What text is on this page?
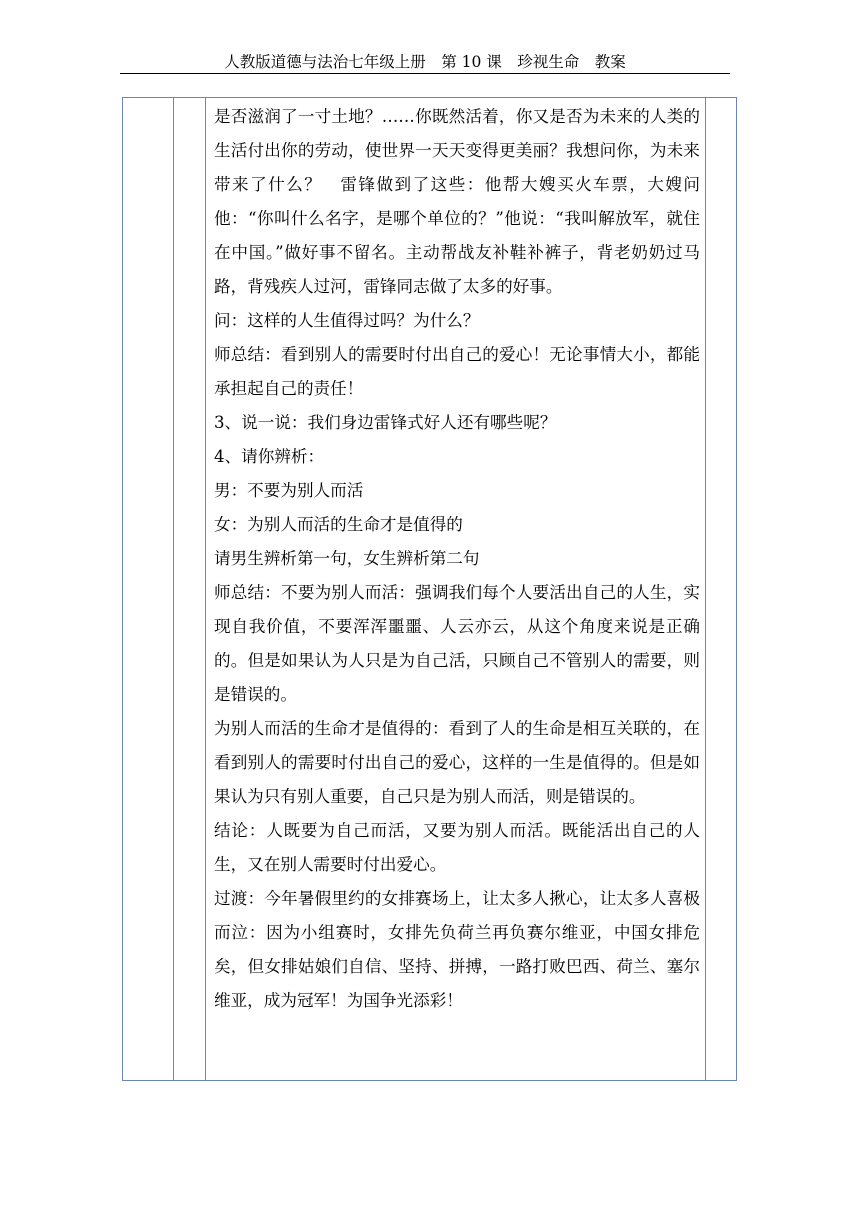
人教版道德与法治七年级上册　第 10 课　珍视生命　教案

是否滋润了一寸土地？……你既然活着，你又是否为未来的人类的生活付出你的劳动，使世界一天天变得更美丽？我想问你，为未来带来了什么？　雷锋做到了这些：他帮大嫂买火车票，大嫂问他：“你叫什么名字，是哪个单位的？”他说：“我叫解放军，就住在中国。”做好事不留名。主动帮战友补鞋补裤子，背老奶奶过马路，背残疾人过河，雷锋同志做了太多的好事。

问：这样的人生值得过吗？为什么？

师总结：看到别人的需要时付出自己的爱心！无论事情大小，都能承担起自己的责任！

3、说一说：我们身边雷锋式好人还有哪些呢？

4、请你辨析：

男：不要为别人而活

女：为别人而活的生命才是值得的

请男生辨析第一句，女生辨析第二句

师总结：不要为别人而活：强调我们每个人要活出自己的人生，实现自我价值，不要浑浑噩噩、人云亦云，从这个角度来说是正确的。但是如果认为人只是为自己活，只顾自己不管别人的需要，则是错误的。

为别人而活的生命才是值得的：看到了人的生命是相互关联的，在看到别人的需要时付出自己的爱心，这样的一生是值得的。但是如果认为只有别人重要，自己只是为别人而活，则是错误的。

结论：人既要为自己而活，又要为别人而活。既能活出自己的人生，又在别人需要时付出爱心。

过渡：今年暑假里约的女排赛场上，让太多人揪心，让太多人喜极而泣：因为小组赛时，女排先负荷兰再负赛尔维亚，中国女排危矣，但女排姑娘们自信、坚持、拼搏，一路打败巴西、荷兰、塞尔维亚，成为冠军！为国争光添彩！
